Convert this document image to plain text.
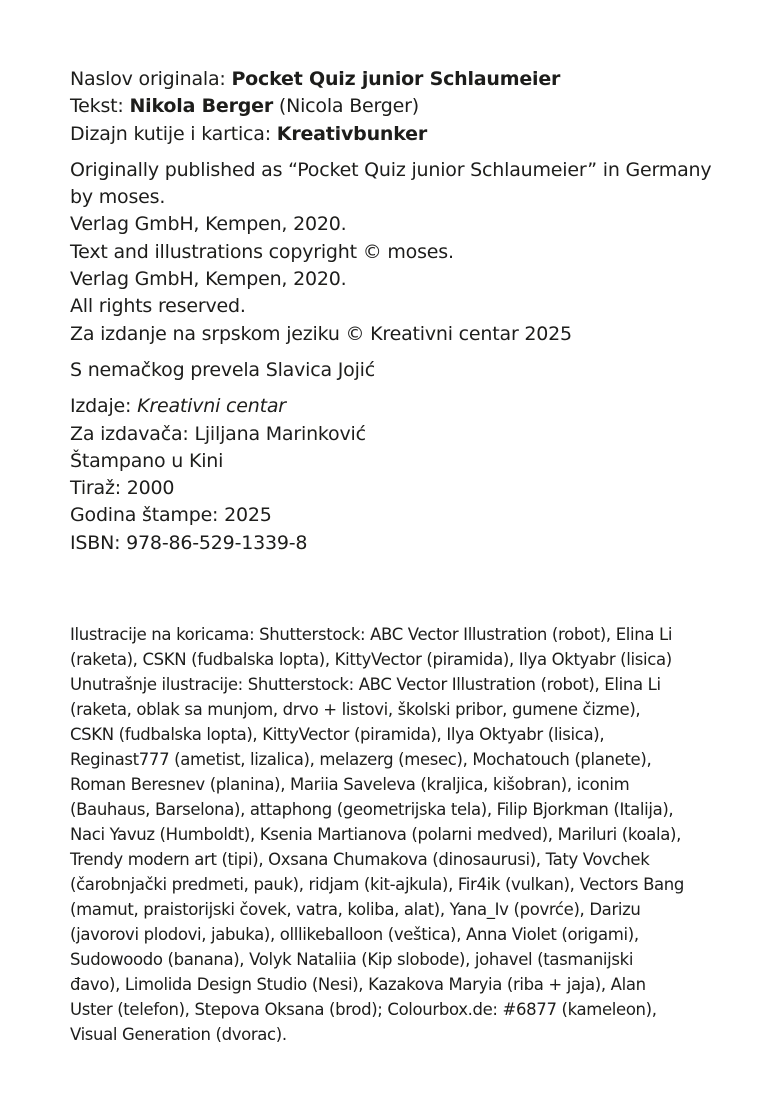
Naslov originala: Pocket Quiz junior Schlaumeier
Tekst: Nikola Berger (Nicola Berger)
Dizajn kutije i kartica: Kreativbunker
Originally published as “Pocket Quiz junior Schlaumeier” in Germany
by moses.
Verlag GmbH, Kempen, 2020.
Text and illustrations copyright © moses.
Verlag GmbH, Kempen, 2020.
All rights reserved.
Za izdanje na srpskom jeziku © Kreativni centar 2025
S nemačkog prevela Slavica Jojić
Izdaje: Kreativni centar
Za izdavača: Ljiljana Marinković
Štampano u Kini
Tiraž: 2000
Godina štampe: 2025
ISBN: 978-86-529-1339-8
Ilustracije na koricama: Shutterstock: ABC Vector Illustration (robot), Elina Li
(raketa), CSKN (fudbalska lopta), KittyVector (piramida), Ilya Oktyabr (lisica)
Unutrašnje ilustracije: Shutterstock: ABC Vector Illustration (robot), Elina Li
(raketa, oblak sa munjom, drvo + listovi, školski pribor, gumene čizme),
CSKN (fudbalska lopta), KittyVector (piramida), Ilya Oktyabr (lisica),
Reginast777 (ametist, lizalica), melazerg (mesec), Mochatouch (planete),
Roman Beresnev (planina), Mariia Saveleva (kraljica, kišobran), iconim
(Bauhaus, Barselona), attaphong (geometrijska tela), Filip Bjorkman (Italija),
Naci Yavuz (Humboldt), Ksenia Martianova (polarni medved), Mariluri (koala),
Trendy modern art (tipi), Oxsana Chumakova (dinosaurusi), Taty Vovchek
(čarobnjački predmeti, pauk), ridjam (kit-ajkula), Fir4ik (vulkan), Vectors Bang
(mamut, praistorijski čovek, vatra, koliba, alat), Yana_Iv (povrće), Darizu
(javorovi plodovi, jabuka), olllikeballoon (veštica), Anna Violet (origami),
Sudowoodo (banana), Volyk Nataliia (Kip slobode), johavel (tasmanijski
đavo), Limolida Design Studio (Nesi), Kazakova Maryia (riba + jaja), Alan
Uster (telefon), Stepova Oksana (brod); Colourbox.de: #6877 (kameleon),
Visual Generation (dvorac).
